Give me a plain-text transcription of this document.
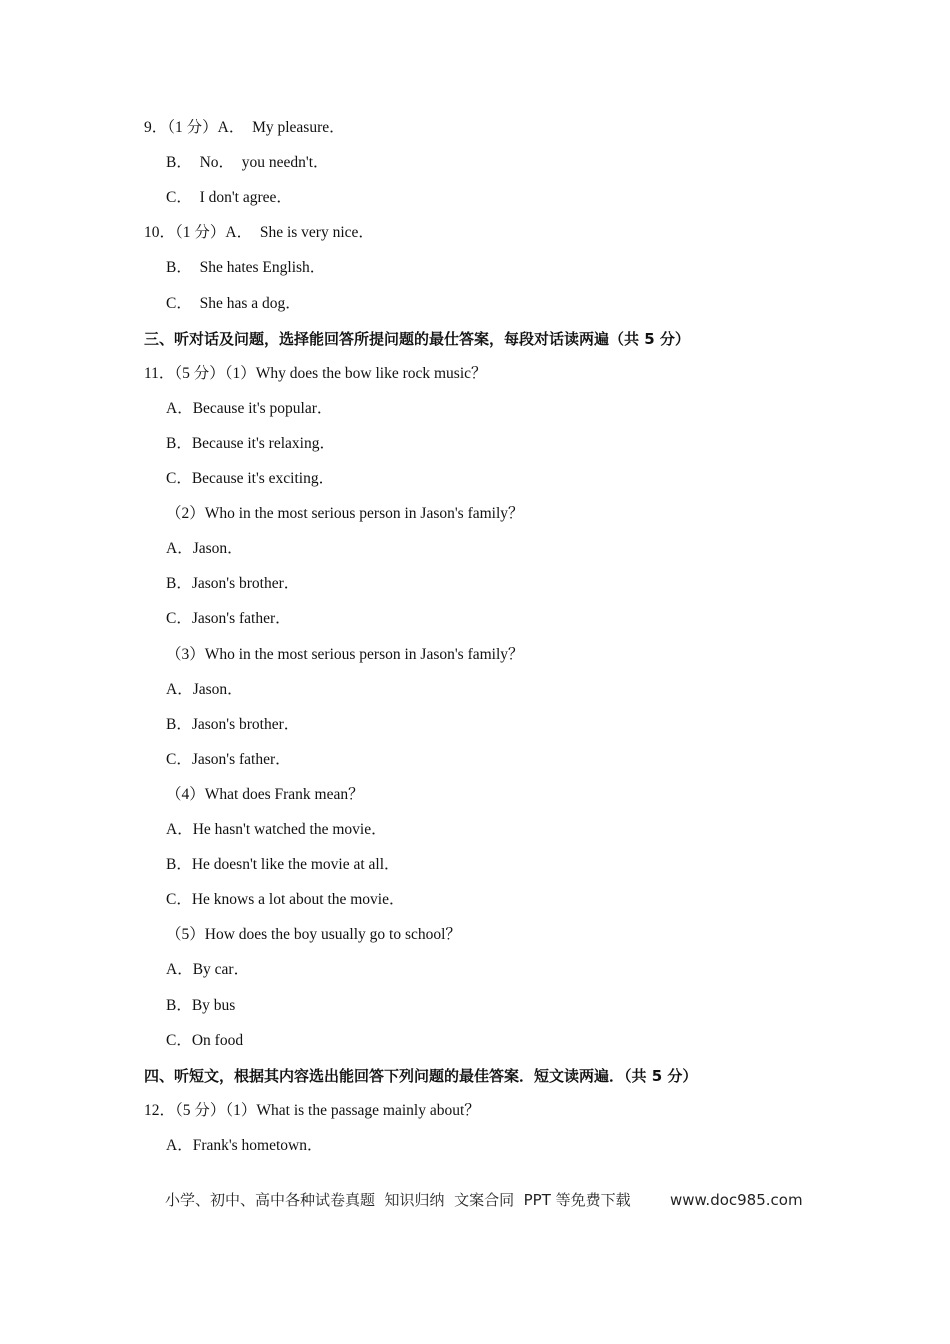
9．（1 分）A．  My pleasure．
B．  No．  you needn't．
C．  I don't agree．
10．（1 分）A．  She is very nice．
B．  She hates English．
C．  She has a dog．
三、听对话及问题，选择能回答所提问题的最仕答案，每段对话读两遍（共 5 分）
11．（5 分）（1）Why does the bow like rock music？
A．Because it's popular．
B．Because it's relaxing．
C．Because it's exciting．
（2）Who in the most serious person in Jason's family？
A．Jason．
B．Jason's brother．
C．Jason's father．
（3）Who in the most serious person in Jason's family？
A．Jason．
B．Jason's brother．
C．Jason's father．
（4）What does Frank mean？
A．He hasn't watched the movie．
B．He doesn't like the movie at all．
C．He knows a lot about the movie．
（5）How does the boy usually go to school？
A．By car．
B．By bus
C．On food
四、听短文，根据其内容选出能回答下列问题的最佳答案．短文读两遍．（共 5 分）
12．（5 分）（1）What is the passage mainly about？
A．Frank's hometown．
小学、初中、高中各种试卷真题  知识归纳  文案合同  PPT 等免费下载	www.doc985.com
